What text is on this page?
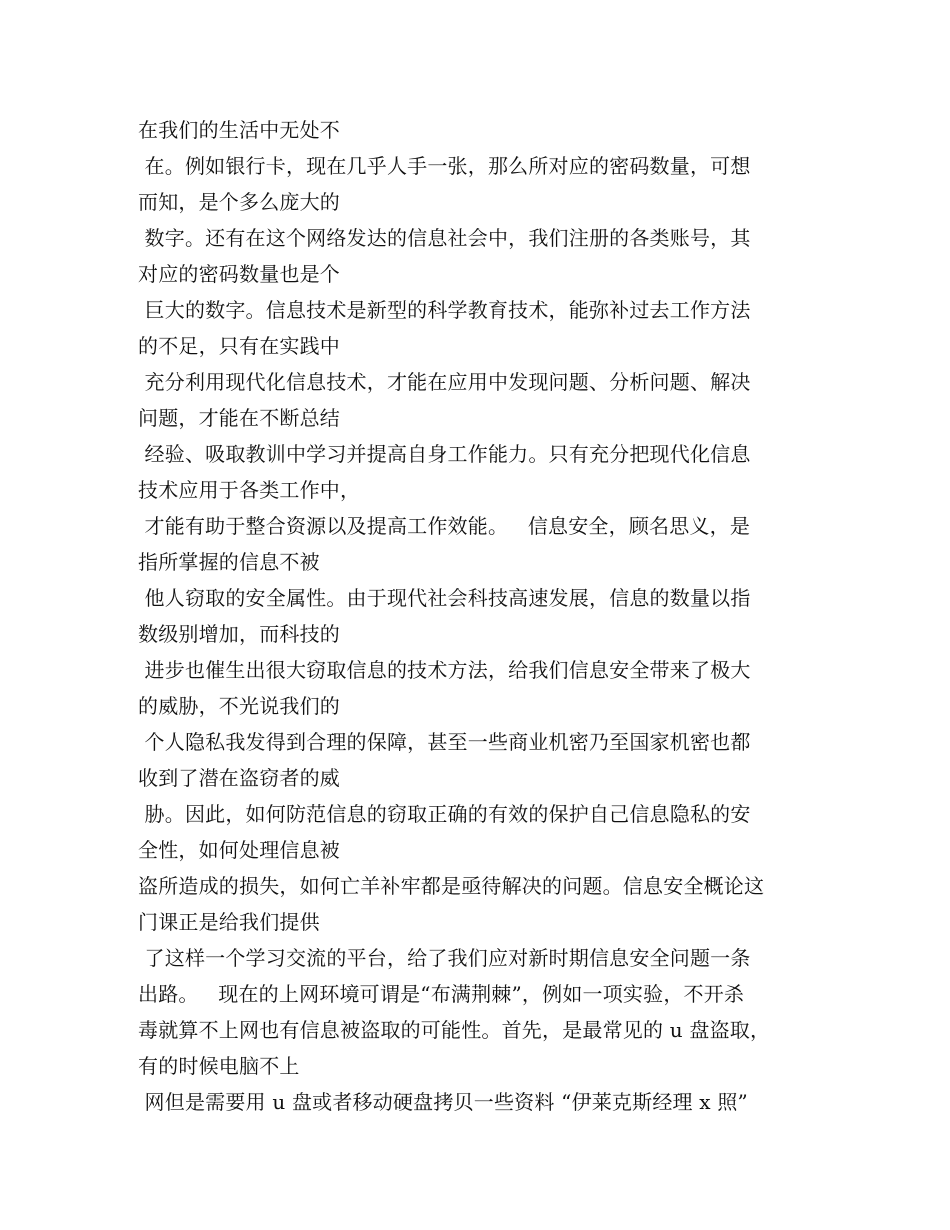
在我们的生活中无处不
在。例如银行卡，现在几乎人手一张，那么所对应的密码数量，可想
而知，是个多么庞大的
数字。还有在这个网络发达的信息社会中，我们注册的各类账号，其
对应的密码数量也是个
巨大的数字。信息技术是新型的科学教育技术，能弥补过去工作方法
的不足，只有在实践中
充分利用现代化信息技术，才能在应用中发现问题、分析问题、解决
问题，才能在不断总结
经验、吸取教训中学习并提高自身工作能力。只有充分把现代化信息
技术应用于各类工作中，
才能有助于整合资源以及提高工作效能。   信息安全，顾名思义，是
指所掌握的信息不被
他人窃取的安全属性。由于现代社会科技高速发展，信息的数量以指
数级别增加，而科技的
进步也催生出很大窃取信息的技术方法，给我们信息安全带来了极大
的威胁，不光说我们的
个人隐私我发得到合理的保障，甚至一些商业机密乃至国家机密也都
收到了潜在盗窃者的威
胁。因此，如何防范信息的窃取正确的有效的保护自己信息隐私的安
全性，如何处理信息被
盗所造成的损失，如何亡羊补牢都是亟待解决的问题。信息安全概论这
门课正是给我们提供
了这样一个学习交流的平台，给了我们应对新时期信息安全问题一条
出路。   现在的上网环境可谓是“布满荆棘”，例如一项实验，不开杀
毒就算不上网也有信息被盗取的可能性。首先，是最常见的 u 盘盗取，
有的时候电脑不上
网但是需要用 u 盘或者移动硬盘拷贝一些资料 “伊莱克斯经理 x 照”
